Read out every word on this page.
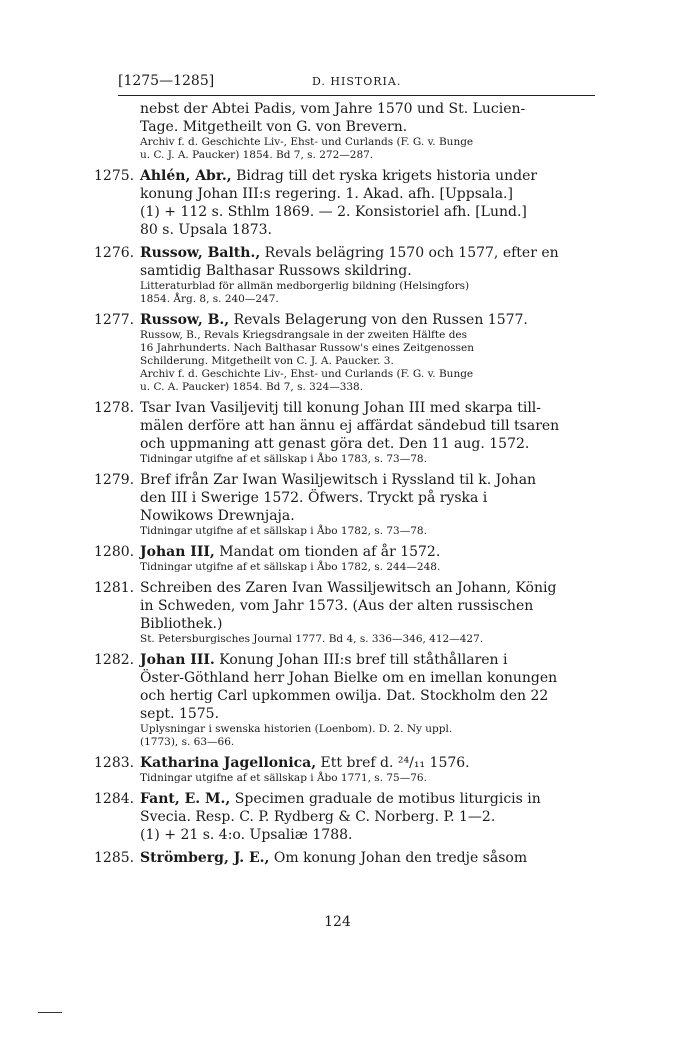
[1275—1285]	D. HISTORIA.
nebst der Abtei Padis, vom Jahre 1570 und St. Lucien-
Tage. Mitgetheilt von G. von Brevern.
Archiv f. d. Geschichte Liv-, Ehst- und Curlands (F. G. v. Bunge
u. C. J. A. Paucker) 1854. Bd 7, s. 272—287.
1275. Ahlén, Abr., Bidrag till det ryska krigets historia under
konung Johan III:s regering. 1. Akad. afh. [Uppsala.]
(1) + 112 s. Sthlm 1869. — 2. Konsistoriel afh. [Lund.]
80 s. Upsala 1873.
1276. Russow, Balth., Revals belägring 1570 och 1577, efter en
samtidig Balthasar Russows skildring.
Litteraturblad för allmän medborgerlig bildning (Helsingfors)
1854. Årg. 8, s. 240—247.
1277. Russow, B., Revals Belagerung von den Russen 1577.
Russow, B., Revals Kriegsdrangsale in der zweiten Hälfte des
16 Jahrhunderts. Nach Balthasar Russow's eines Zeitgenossen
Schilderung. Mitgetheilt von C. J. A. Paucker. 3.
Archiv f. d. Geschichte Liv-, Ehst- und Curlands (F. G. v. Bunge
u. C. A. Paucker) 1854. Bd 7, s. 324—338.
1278. Tsar Ivan Vasiljevitj till konung Johan III med skarpa till-
mälen derföre att han ännu ej affärdat sändebud till tsaren
och uppmaning att genast göra det. Den 11 aug. 1572.
Tidningar utgifne af et sällskap i Åbo 1783, s. 73—78.
1279. Bref ifrån Zar Iwan Wasiljewitsch i Ryssland til k. Johan
den III i Swerige 1572. Öfwers. Tryckt på ryska i
Nowikows Drewnjaja.
Tidningar utgifne af et sällskap i Åbo 1782, s. 73—78.
1280. Johan III, Mandat om tionden af år 1572.
Tidningar utgifne af et sällskap i Åbo 1782, s. 244—248.
1281. Schreiben des Zaren Ivan Wassiljewitsch an Johann, König
in Schweden, vom Jahr 1573. (Aus der alten russischen
Bibliothek.)
St. Petersburgisches Journal 1777. Bd 4, s. 336—346, 412—427.
1282. Johan III. Konung Johan III:s bref till ståthållaren i
Öster-Göthland herr Johan Bielke om en imellan konungen
och hertig Carl upkommen owilja. Dat. Stockholm den 22
sept. 1575.
Uplysningar i swenska historien (Loenbom). D. 2. Ny uppl.
(1773), s. 63—66.
1283. Katharina Jagellonica, Ett bref d. ²⁴/₁₁ 1576.
Tidningar utgifne af et sällskap i Åbo 1771, s. 75—76.
1284. Fant, E. M., Specimen graduale de motibus liturgicis in
Svecia. Resp. C. P. Rydberg & C. Norberg. P. 1—2.
(1) + 21 s. 4:o. Upsaliæ 1788.
1285. Strömberg, J. E., Om konung Johan den tredje såsom
124
